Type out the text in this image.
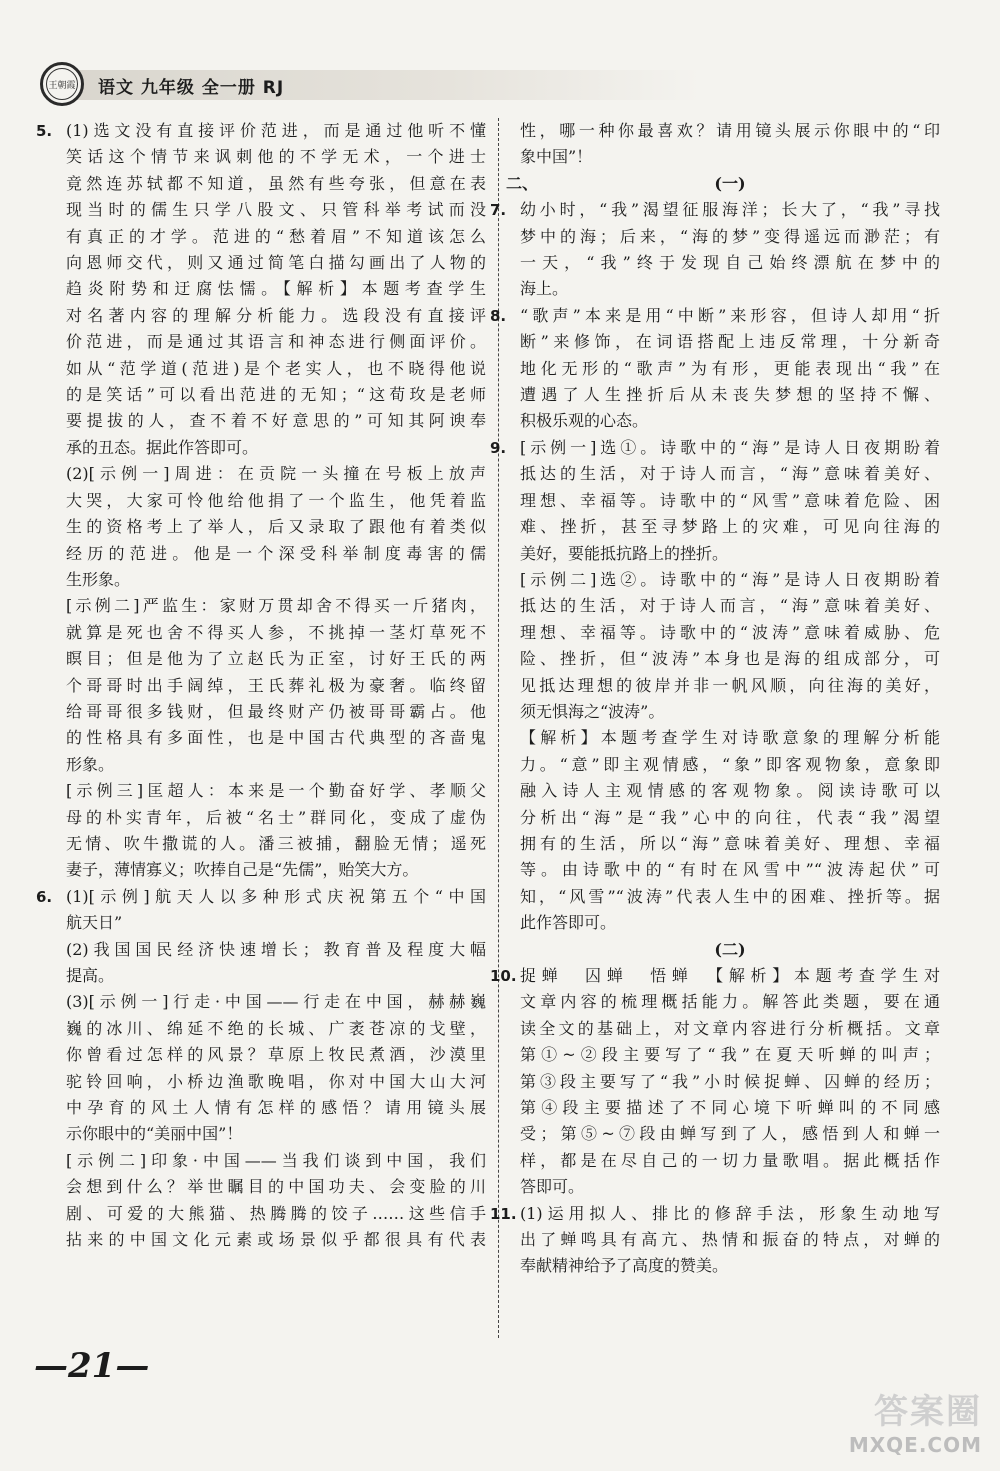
王朝霞 语文 九年级 全一册 RJ
5. (1)选文没有直接评价范进，而是通过他听不懂

笑话这个情节来讽刺他的不学无术，一个进士

竟然连苏轼都不知道，虽然有些夸张，但意在表

现当时的儒生只学八股文、只管科举考试而没

有真正的才学。范进的“愁着眉”不知道该怎么

向恩师交代，则又通过简笔白描勾画出了人物的

趋炎附势和迂腐怯懦。【解析】本题考查学生

对名著内容的理解分析能力。选段没有直接评

价范进，而是通过其语言和神态进行侧面评价。

如从“范学道(范进)是个老实人，也不晓得他说

的是笑话”可以看出范进的无知；“这荀玫是老师

要提拔的人，查不着不好意思的”可知其阿谀奉

承的丑态。据此作答即可。

(2)[示例一]周进：在贡院一头撞在号板上放声

大哭，大家可怜他给他捐了一个监生，他凭着监

生的资格考上了举人，后又录取了跟他有着类似

经历的范进。他是一个深受科举制度毒害的儒

生形象。

[示例二]严监生：家财万贯却舍不得买一斤猪肉，

就算是死也舍不得买人参，不挑掉一茎灯草死不

瞑目；但是他为了立赵氏为正室，讨好王氏的两

个哥哥时出手阔绰，王氏葬礼极为豪奢。临终留

给哥哥很多钱财，但最终财产仍被哥哥霸占。他

的性格具有多面性，也是中国古代典型的吝啬鬼

形象。

[示例三]匡超人：本来是一个勤奋好学、孝顺父

母的朴实青年，后被“名士”群同化，变成了虚伪

无情、吹牛撒谎的人。潘三被捕，翻脸无情；遥死

妻子，薄情寡义；吹捧自己是“先儒”，贻笑大方。

6. (1)[示例]航天人以多种形式庆祝第五个“中国

航天日”

(2)我国国民经济快速增长；教育普及程度大幅

提高。

(3)[示例一]行走·中国——行走在中国，赫赫巍

巍的冰川、绵延不绝的长城、广袤苍凉的戈壁，

你曾看过怎样的风景？草原上牧民煮酒，沙漠里

驼铃回响，小桥边渔歌晚唱，你对中国大山大河

中孕育的风土人情有怎样的感悟？请用镜头展

示你眼中的“美丽中国”！

[示例二]印象·中国——当我们谈到中国，我们

会想到什么？举世瞩目的中国功夫、会变脸的川

剧、可爱的大熊猫、热腾腾的饺子……这些信手

拈来的中国文化元素或场景似乎都很具有代表

性，哪一种你最喜欢？请用镜头展示你眼中的“印

象中国”！

二、	(一)

7. 幼小时，“我”渴望征服海洋；长大了，“我”寻找

梦中的海；后来，“海的梦”变得遥远而渺茫；有

一天，“我”终于发现自己始终漂航在梦中的

海上。

8. “歌声”本来是用“中断”来形容，但诗人却用“折

断”来修饰，在词语搭配上违反常理，十分新奇

地化无形的“歌声”为有形，更能表现出“我”在

遭遇了人生挫折后从未丧失梦想的坚持不懈、

积极乐观的心态。

9. [示例一]选①。诗歌中的“海”是诗人日夜期盼着

抵达的生活，对于诗人而言，“海”意味着美好、

理想、幸福等。诗歌中的“风雪”意味着危险、困

难、挫折，甚至寻梦路上的灾难，可见向往海的

美好，要能抵抗路上的挫折。

[示例二]选②。诗歌中的“海”是诗人日夜期盼着

抵达的生活，对于诗人而言，“海”意味着美好、

理想、幸福等。诗歌中的“波涛”意味着威胁、危

险、挫折，但“波涛”本身也是海的组成部分，可

见抵达理想的彼岸并非一帆风顺，向往海的美好，

须无惧海之“波涛”。

【解析】本题考查学生对诗歌意象的理解分析能

力。“意”即主观情感，“象”即客观物象，意象即

融入诗人主观情感的客观物象。阅读诗歌可以

分析出“海”是“我”心中的向往，代表“我”渴望

拥有的生活，所以“海”意味着美好、理想、幸福

等。由诗歌中的“有时在风雪中”“波涛起伏”可

知，“风雪”“波涛”代表人生中的困难、挫折等。据

此作答即可。

(二)

10. 捉蝉　囚蝉　悟蝉　【解析】本题考查学生对

文章内容的梳理概括能力。解答此类题，要在通

读全文的基础上，对文章内容进行分析概括。文章

第①~②段主要写了“我”在夏天听蝉的叫声；

第③段主要写了“我”小时候捉蝉、囚蝉的经历；

第④段主要描述了不同心境下听蝉叫的不同感

受；第⑤~⑦段由蝉写到了人，感悟到人和蝉一

样，都是在尽自己的一切力量歌唱。据此概括作

答即可。

11. (1)运用拟人、排比的修辞手法，形象生动地写

出了蝉鸣具有高亢、热情和振奋的特点，对蝉的

奉献精神给予了高度的赞美。

—21—
答案圈
MXQE.COM
